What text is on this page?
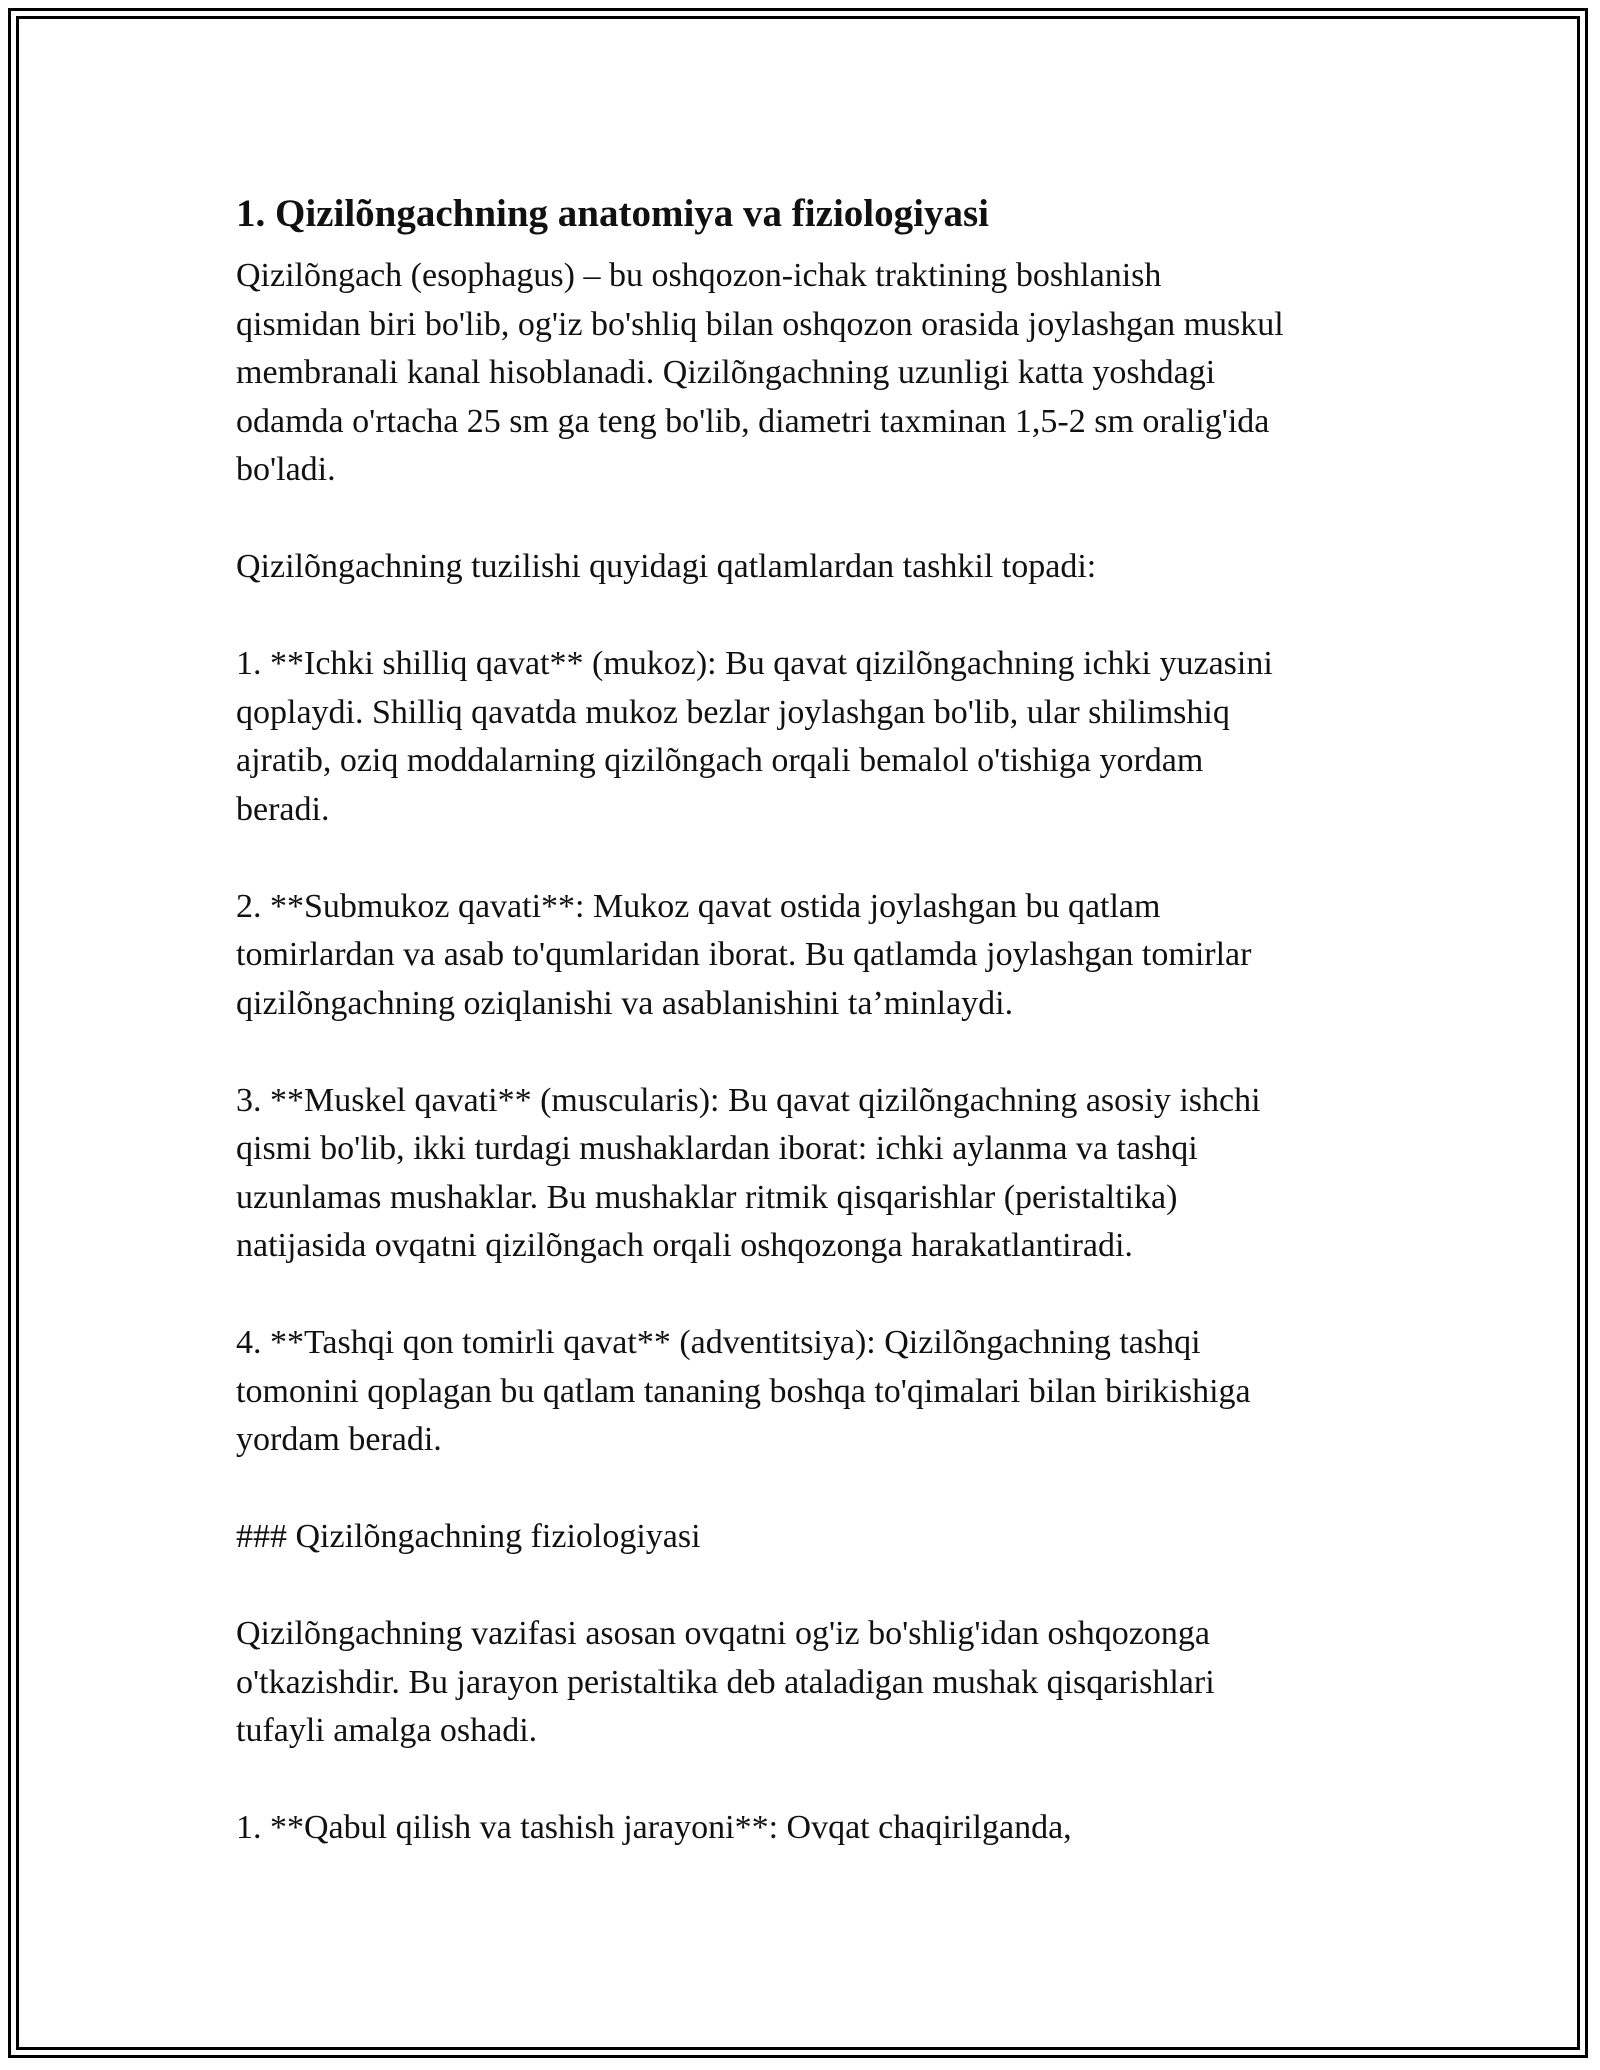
1. Qizilõngachning anatomiya va fiziologiyasi
Qizilõngach (esophagus) – bu oshqozon-ichak traktining boshlanish
qismidan biri bo'lib, og'iz bo'shliq bilan oshqozon orasida joylashgan muskul
membranali kanal hisoblanadi. Qizilõngachning uzunligi katta yoshdagi
odamda o'rtacha 25 sm ga teng bo'lib, diametri taxminan 1,5-2 sm oralig'ida
bo'ladi.
Qizilõngachning tuzilishi quyidagi qatlamlardan tashkil topadi:
1. **Ichki shilliq qavat** (mukoz): Bu qavat qizilõngachning ichki yuzasini
qoplaydi. Shilliq qavatda mukoz bezlar joylashgan bo'lib, ular shilimshiq
ajratib, oziq moddalarning qizilõngach orqali bemalol o'tishiga yordam
beradi.
2. **Submukoz qavati**: Mukoz qavat ostida joylashgan bu qatlam
tomirlardan va asab to'qumlaridan iborat. Bu qatlamda joylashgan tomirlar
qizilõngachning oziqlanishi va asablanishini ta’minlaydi.
3. **Muskel qavati** (muscularis): Bu qavat qizilõngachning asosiy ishchi
qismi bo'lib, ikki turdagi mushaklardan iborat: ichki aylanma va tashqi
uzunlamas mushaklar. Bu mushaklar ritmik qisqarishlar (peristaltika)
natijasida ovqatni qizilõngach orqali oshqozonga harakatlantiradi.
4. **Tashqi qon tomirli qavat** (adventitsiya): Qizilõngachning tashqi
tomonini qoplagan bu qatlam tananing boshqa to'qimalari bilan birikishiga
yordam beradi.
### Qizilõngachning fiziologiyasi
Qizilõngachning vazifasi asosan ovqatni og'iz bo'shlig'idan oshqozonga
o'tkazishdir. Bu jarayon peristaltika deb ataladigan mushak qisqarishlari
tufayli amalga oshadi.
1. **Qabul qilish va tashish jarayoni**: Ovqat chaqirilganda,
